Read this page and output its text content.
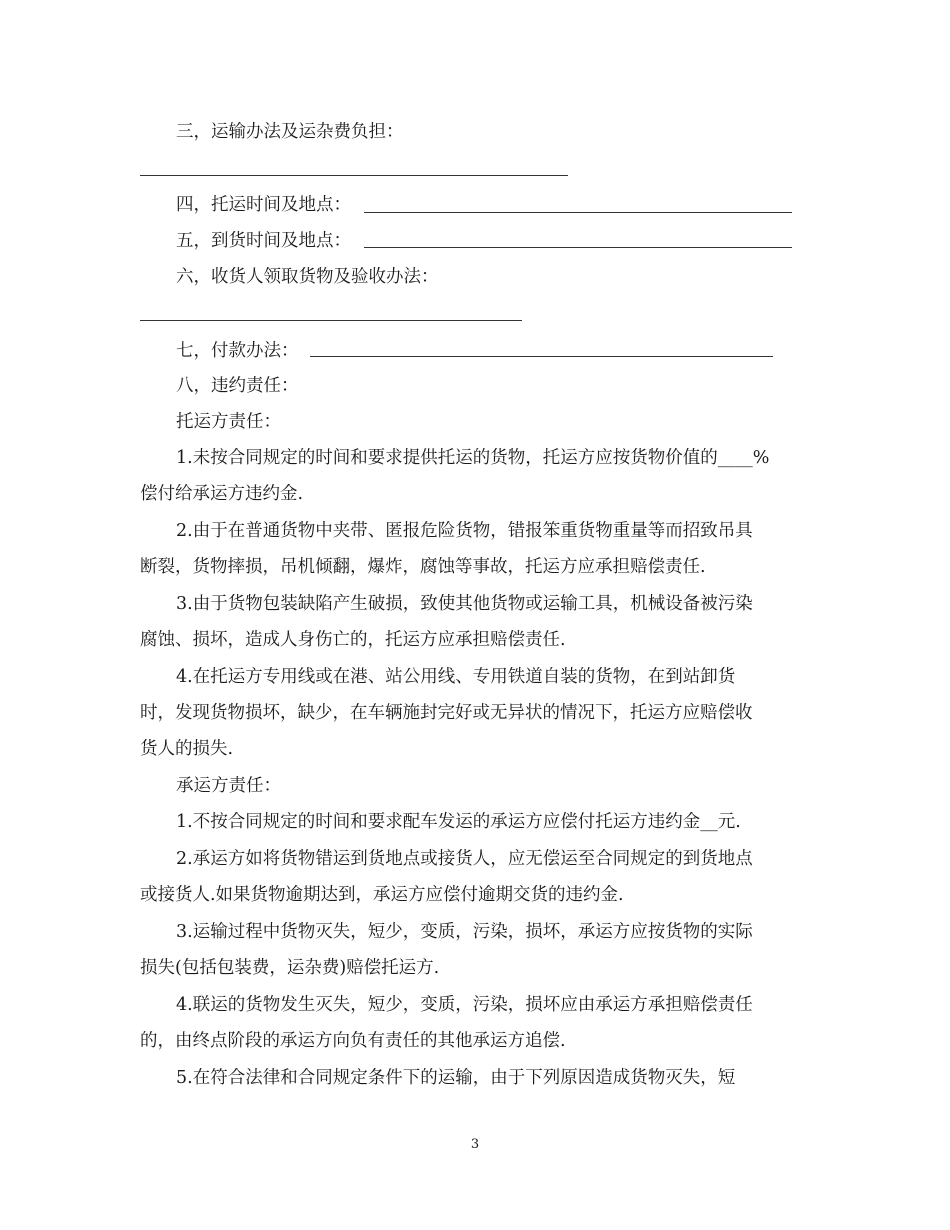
三，运输办法及运杂费负担：
四，托运时间及地点：
五，到货时间及地点：
六，收货人领取货物及验收办法：
七，付款办法：
八，违约责任：
托运方责任：
1.未按合同规定的时间和要求提供托运的货物，托运方应按货物价值的____%
偿付给承运方违约金.
2.由于在普通货物中夹带、匿报危险货物，错报笨重货物重量等而招致吊具
断裂，货物摔损，吊机倾翻，爆炸，腐蚀等事故，托运方应承担赔偿责任.
3.由于货物包装缺陷产生破损，致使其他货物或运输工具，机械设备被污染
腐蚀、损坏，造成人身伤亡的，托运方应承担赔偿责任.
4.在托运方专用线或在港、站公用线、专用铁道自装的货物，在到站卸货
时，发现货物损坏，缺少，在车辆施封完好或无异状的情况下，托运方应赔偿收
货人的损失.
承运方责任：
1.不按合同规定的时间和要求配车发运的承运方应偿付托运方违约金__元.
2.承运方如将货物错运到货地点或接货人，应无偿运至合同规定的到货地点
或接货人.如果货物逾期达到，承运方应偿付逾期交货的违约金.
3.运输过程中货物灭失，短少，变质，污染，损坏，承运方应按货物的实际
损失(包括包装费，运杂费)赔偿托运方.
4.联运的货物发生灭失，短少，变质，污染，损坏应由承运方承担赔偿责任
的，由终点阶段的承运方向负有责任的其他承运方追偿.
5.在符合法律和合同规定条件下的运输，由于下列原因造成货物灭失，短
3
